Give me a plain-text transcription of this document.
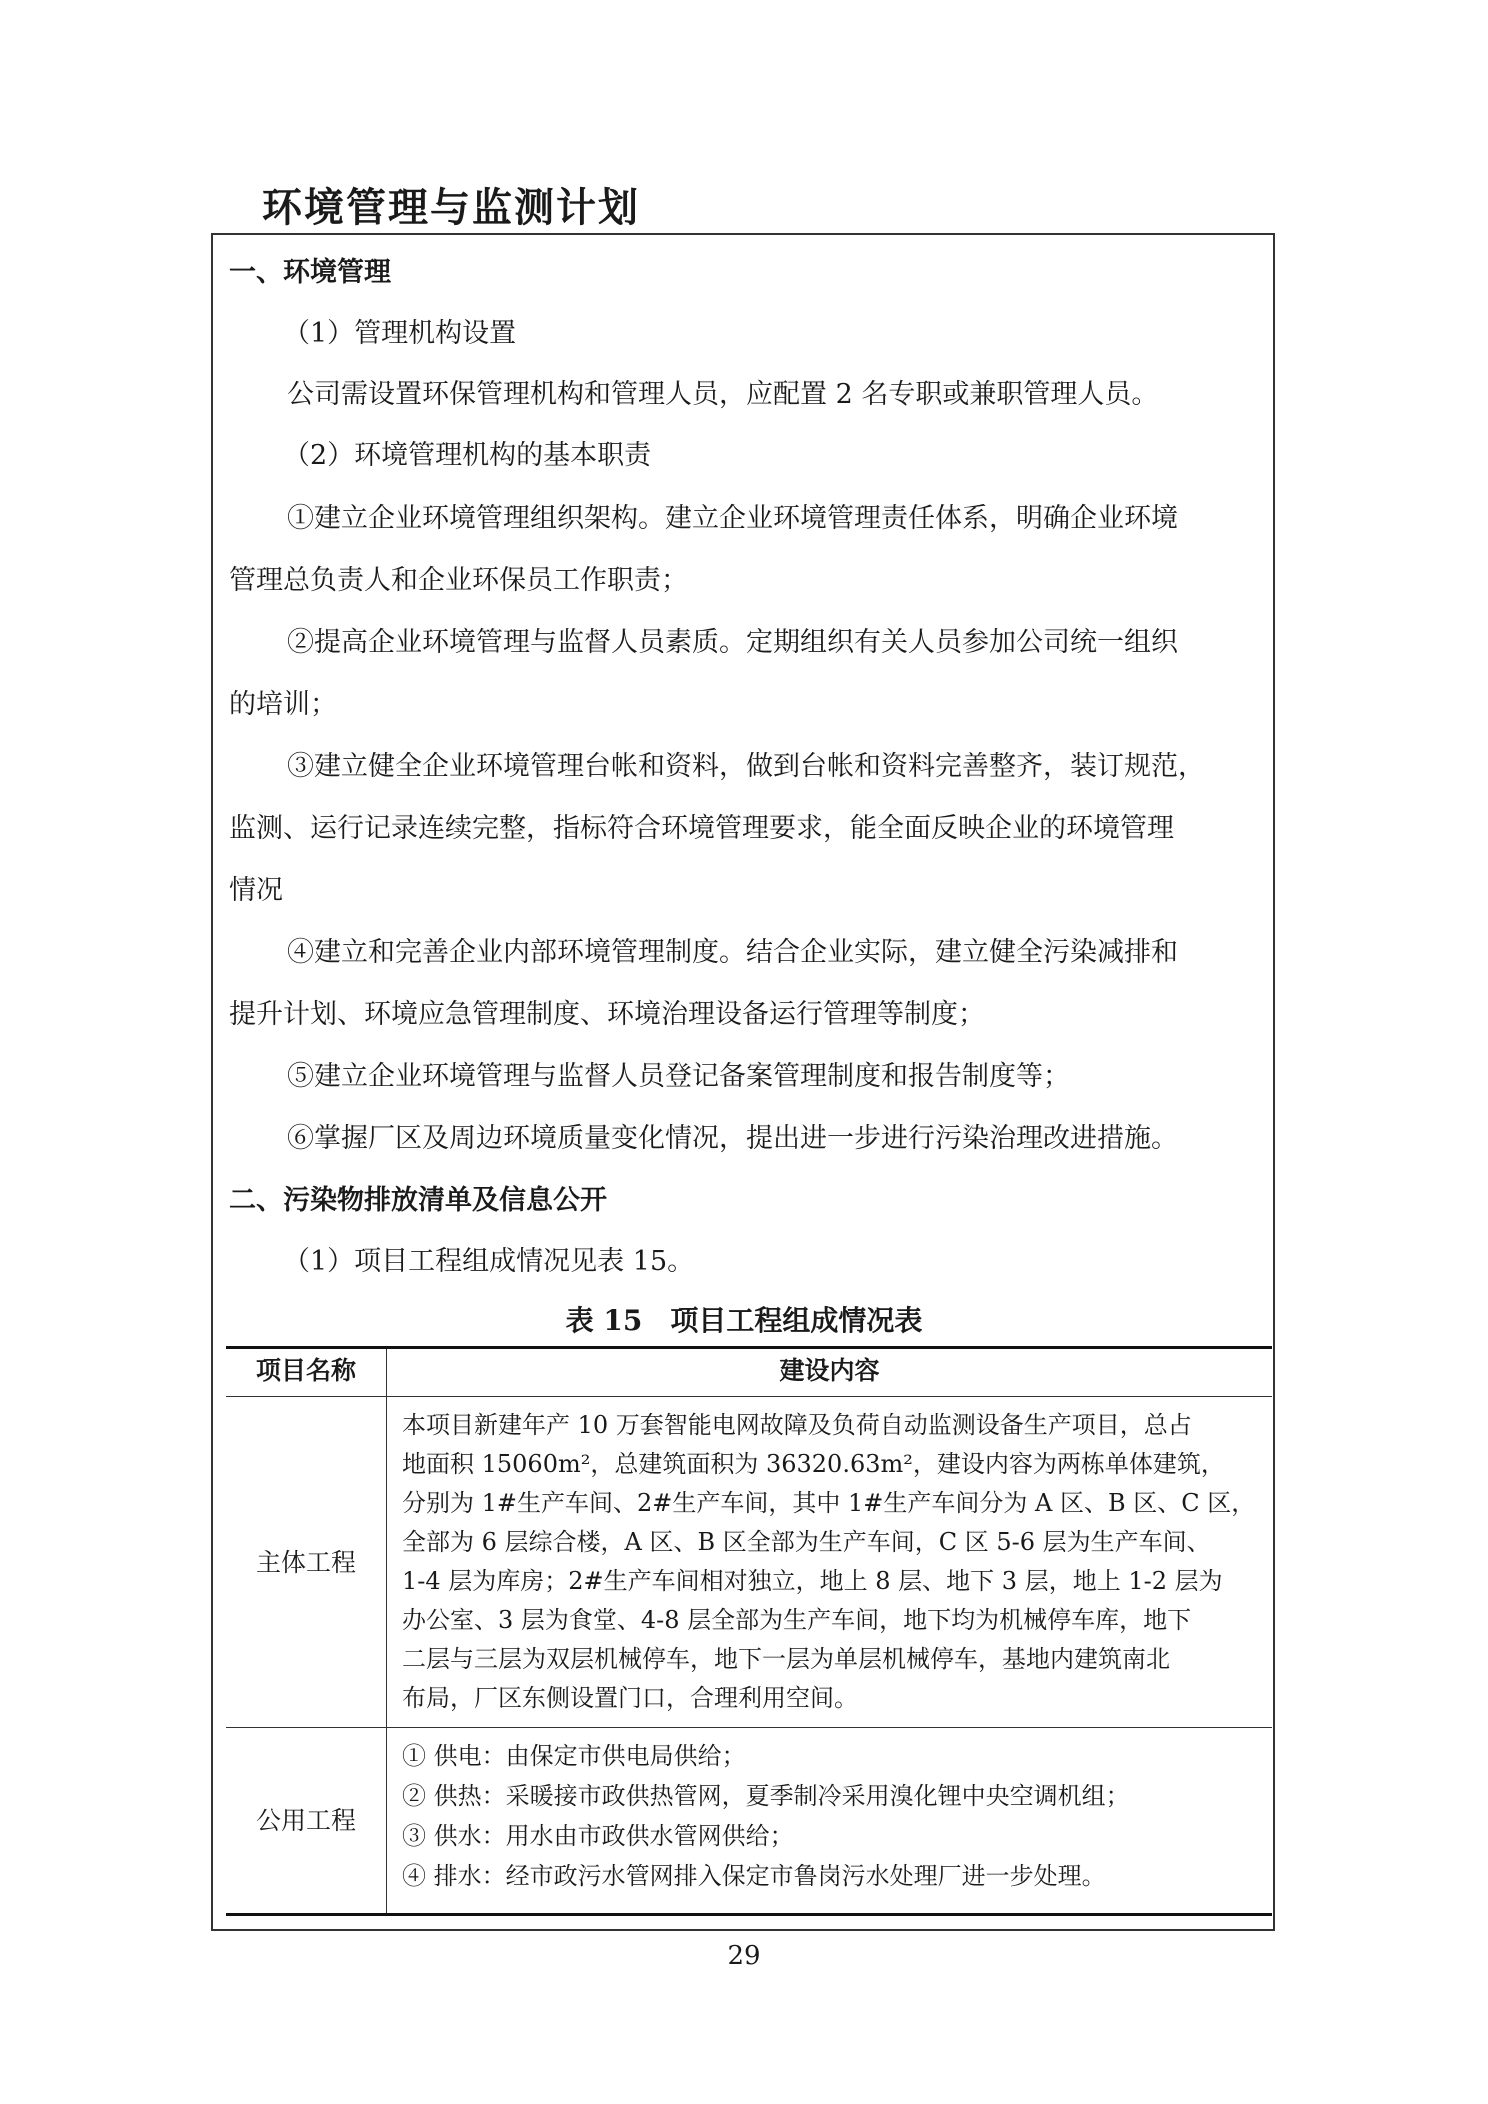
环境管理与监测计划
一、环境管理
（1）管理机构设置
公司需设置环保管理机构和管理人员，应配置 2 名专职或兼职管理人员。
（2）环境管理机构的基本职责
①建立企业环境管理组织架构。建立企业环境管理责任体系，明确企业环境
管理总负责人和企业环保员工作职责；
②提高企业环境管理与监督人员素质。定期组织有关人员参加公司统一组织
的培训；
③建立健全企业环境管理台帐和资料，做到台帐和资料完善整齐，装订规范，
监测、运行记录连续完整，指标符合环境管理要求，能全面反映企业的环境管理
情况
④建立和完善企业内部环境管理制度。结合企业实际，建立健全污染减排和
提升计划、环境应急管理制度、环境治理设备运行管理等制度；
⑤建立企业环境管理与监督人员登记备案管理制度和报告制度等；
⑥掌握厂区及周边环境质量变化情况，提出进一步进行污染治理改进措施。
二、污染物排放清单及信息公开
（1）项目工程组成情况见表 15。
表 15　项目工程组成情况表
项目名称	建设内容
主体工程
本项目新建年产 10 万套智能电网故障及负荷自动监测设备生产项目，总占
地面积 15060m²，总建筑面积为 36320.63m²，建设内容为两栋单体建筑，
分别为 1#生产车间、2#生产车间，其中 1#生产车间分为 A 区、B 区、C 区，
全部为 6 层综合楼，A 区、B 区全部为生产车间，C 区 5-6 层为生产车间、
1-4 层为库房；2#生产车间相对独立，地上 8 层、地下 3 层，地上 1-2 层为
办公室、3 层为食堂、4-8 层全部为生产车间，地下均为机械停车库，地下
二层与三层为双层机械停车，地下一层为单层机械停车，基地内建筑南北
布局，厂区东侧设置门口，合理利用空间。
公用工程
① 供电：由保定市供电局供给；
② 供热：采暖接市政供热管网，夏季制冷采用溴化锂中央空调机组；
③ 供水：用水由市政供水管网供给；
④ 排水：经市政污水管网排入保定市鲁岗污水处理厂进一步处理。
29
